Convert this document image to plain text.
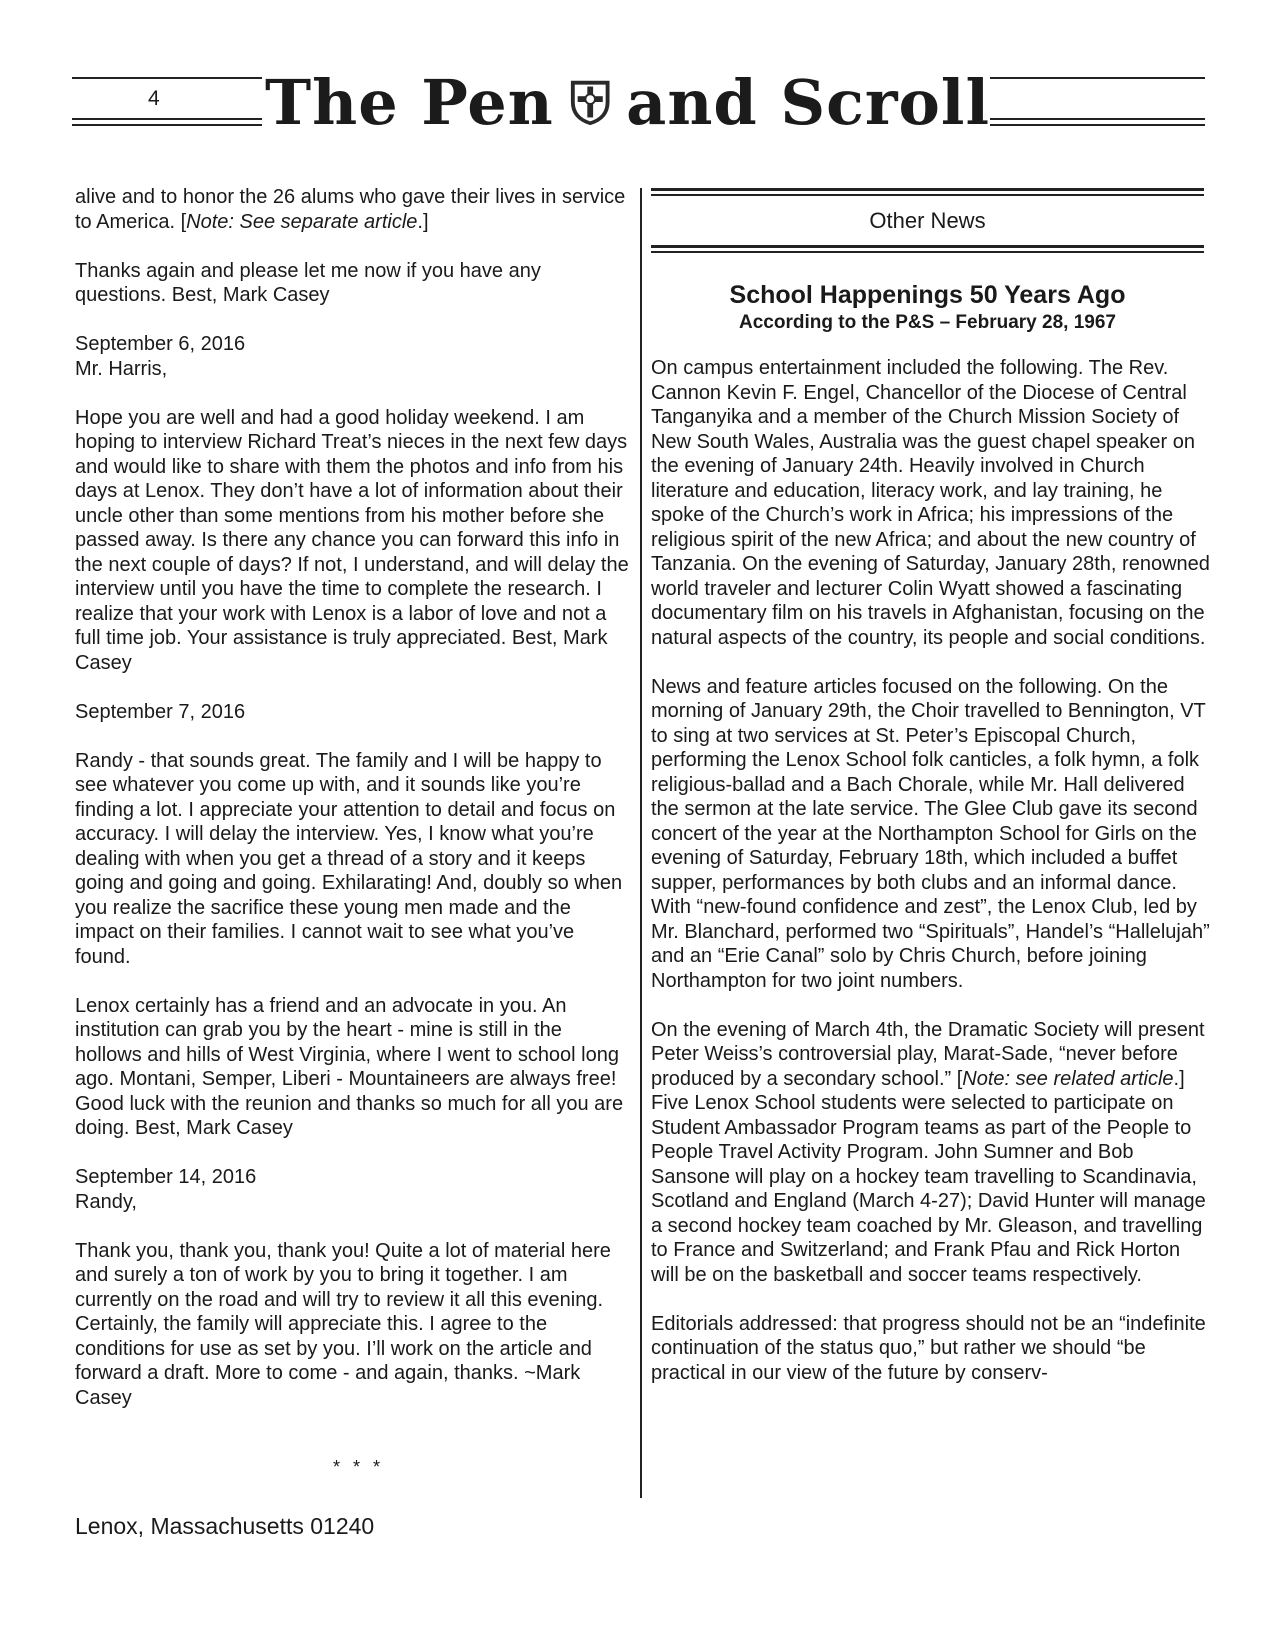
4 The Pen and Scroll

alive and to honor the 26 alums who gave their lives in service to America. [Note: See separate article.]

Thanks again and please let me now if you have any questions. Best, Mark Casey

September 6, 2016
Mr. Harris,

Hope you are well and had a good holiday weekend. I am hoping to interview Richard Treat’s nieces in the next few days and would like to share with them the photos and info from his days at Lenox. They don’t have a lot of information about their uncle other than some mentions from his mother before she passed away. Is there any chance you can forward this info in the next couple of days? If not, I understand, and will delay the interview until you have the time to complete the research. I realize that your work with Lenox is a labor of love and not a full time job. Your assistance is truly appreciated. Best, Mark Casey

September 7, 2016

Randy - that sounds great. The family and I will be happy to see whatever you come up with, and it sounds like you’re finding a lot. I appreciate your attention to detail and focus on accuracy. I will delay the interview. Yes, I know what you’re dealing with when you get a thread of a story and it keeps going and going and going. Exhilarating! And, doubly so when you realize the sacrifice these young men made and the impact on their families. I cannot wait to see what you’ve found.

Lenox certainly has a friend and an advocate in you. An institution can grab you by the heart - mine is still in the hollows and hills of West Virginia, where I went to school long ago. Montani, Semper, Liberi - Mountaineers are always free! Good luck with the reunion and thanks so much for all you are doing. Best, Mark Casey

September 14, 2016
Randy,

Thank you, thank you, thank you! Quite a lot of material here and surely a ton of work by you to bring it together. I am currently on the road and will try to review it all this evening. Certainly, the family will appreciate this. I agree to the conditions for use as set by you. I’ll work on the article and forward a draft. More to come - and again, thanks. ~Mark Casey

* * *
Other News
School Happenings 50 Years Ago
According to the P&S – February 28, 1967

On campus entertainment included the following. The Rev. Cannon Kevin F. Engel, Chancellor of the Diocese of Central Tanganyika and a member of the Church Mission Society of New South Wales, Australia was the guest chapel speaker on the evening of January 24th. Heavily involved in Church literature and education, literacy work, and lay training, he spoke of the Church’s work in Africa; his impressions of the religious spirit of the new Africa; and about the new country of Tanzania. On the evening of Saturday, January 28th, renowned world traveler and lecturer Colin Wyatt showed a fascinating documentary film on his travels in Afghanistan, focusing on the natural aspects of the country, its people and social conditions.

News and feature articles focused on the following. On the morning of January 29th, the Choir travelled to Bennington, VT to sing at two services at St. Peter’s Episcopal Church, performing the Lenox School folk canticles, a folk hymn, a folk religious-ballad and a Bach Chorale, while Mr. Hall delivered the sermon at the late service. The Glee Club gave its second concert of the year at the Northampton School for Girls on the evening of Saturday, February 18th, which included a buffet supper, performances by both clubs and an informal dance. With “new-found confidence and zest”, the Lenox Club, led by Mr. Blanchard, performed two “Spirituals”, Handel’s “Hallelujah” and an “Erie Canal” solo by Chris Church, before joining Northampton for two joint numbers.

On the evening of March 4th, the Dramatic Society will present Peter Weiss’s controversial play, Marat-Sade, “never before produced by a secondary school.” [Note: see related article.] Five Lenox School students were selected to participate on Student Ambassador Program teams as part of the People to People Travel Activity Program. John Sumner and Bob Sansone will play on a hockey team travelling to Scandinavia, Scotland and England (March 4-27); David Hunter will manage a second hockey team coached by Mr. Gleason, and travelling to France and Switzerland; and Frank Pfau and Rick Horton will be on the basketball and soccer teams respectively.

Editorials addressed: that progress should not be an “indefinite continuation of the status quo,” but rather we should “be practical in our view of the future by conserv-

Lenox, Massachusetts 01240
